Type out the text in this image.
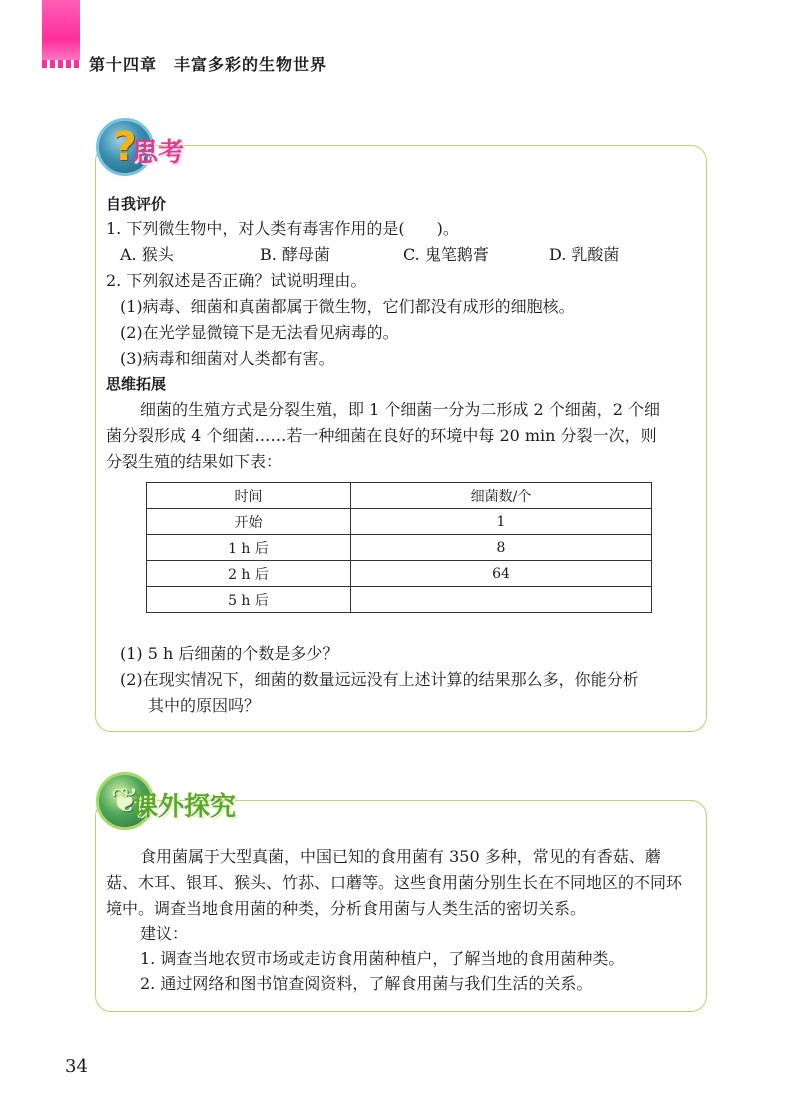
第十四章　丰富多彩的生物世界
?
思考
自我评价
1. 下列微生物中，对人类有毒害作用的是(　　)。
A. 猴头	B. 酵母菌	C. 鬼笔鹅膏	D. 乳酸菌
2. 下列叙述是否正确？试说明理由。
(1)病毒、细菌和真菌都属于微生物，它们都没有成形的细胞核。
(2)在光学显微镜下是无法看见病毒的。
(3)病毒和细菌对人类都有害。
思维拓展
细菌的生殖方式是分裂生殖，即 1 个细菌一分为二形成 2 个细菌，2 个细
菌分裂形成 4 个细菌……若一种细菌在良好的环境中每 20 min 分裂一次，则
分裂生殖的结果如下表：
时间	细菌数/个
开始	1
1 h 后	8
2 h 后	64
5 h 后	
(1) 5 h 后细菌的个数是多少？
(2)在现实情况下，细菌的数量远远没有上述计算的结果那么多，你能分析
其中的原因吗？
❦
课外探究
食用菌属于大型真菌，中国已知的食用菌有 350 多种，常见的有香菇、蘑
菇、木耳、银耳、猴头、竹荪、口蘑等。这些食用菌分别生长在不同地区的不同环
境中。调查当地食用菌的种类，分析食用菌与人类生活的密切关系。
建议：
1. 调查当地农贸市场或走访食用菌种植户，了解当地的食用菌种类。
2. 通过网络和图书馆查阅资料，了解食用菌与我们生活的关系。
34
